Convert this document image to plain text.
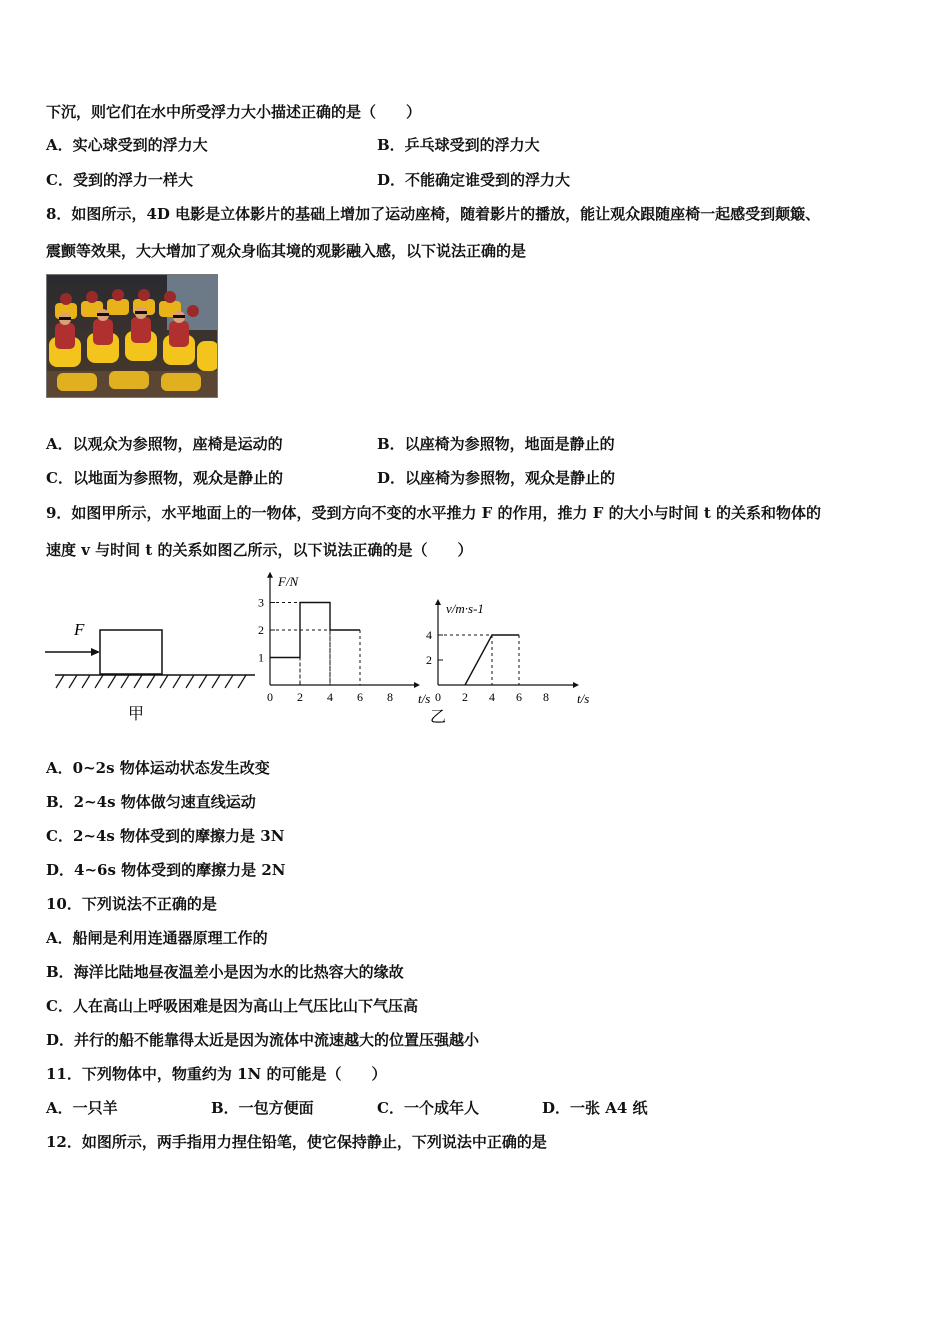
下沉，则它们在水中所受浮力大小描述正确的是（　　）
A．实心球受到的浮力大	B．乒乓球受到的浮力大
C．受到的浮力一样大	D．不能确定谁受到的浮力大
8．如图所示，4D 电影是立体影片的基础上增加了运动座椅，随着影片的播放，能让观众跟随座椅一起感受到颠簸、
震颤等效果，大大增加了观众身临其境的观影融入感，以下说法正确的是
A．以观众为参照物，座椅是运动的	B．以座椅为参照物，地面是静止的
C．以地面为参照物，观众是静止的	D．以座椅为参照物，观众是静止的
9．如图甲所示，水平地面上的一物体，受到方向不变的水平推力 F 的作用，推力 F 的大小与时间 t 的关系和物体的
速度 v 与时间 t 的关系如图乙所示，以下说法正确的是（　　）
F
甲	乙
F/N
t/s
0 2 4 6 8
1
2
3	v/m·s-1
t/s
0 2 4 6 8
2
4
A．0~2s 物体运动状态发生改变
B．2~4s 物体做匀速直线运动
C．2~4s 物体受到的摩擦力是 3N
D．4~6s 物体受到的摩擦力是 2N
10．下列说法不正确的是
A．船闸是利用连通器原理工作的
B．海洋比陆地昼夜温差小是因为水的比热容大的缘故
C．人在高山上呼吸困难是因为高山上气压比山下气压高
D．并行的船不能靠得太近是因为流体中流速越大的位置压强越小
11．下列物体中，物重约为 1N 的可能是（　　）
A．一只羊	B．一包方便面	C．一个成年人	D．一张 A4 纸
12．如图所示，两手指用力捏住铅笔，使它保持静止，下列说法中正确的是
